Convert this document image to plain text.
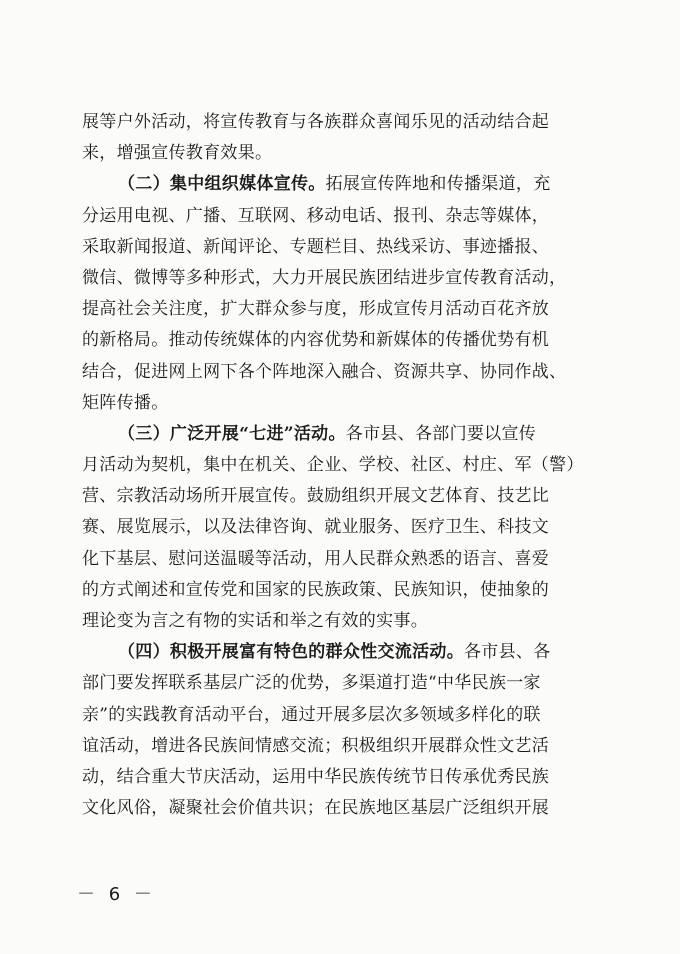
展等户外活动，将宣传教育与各族群众喜闻乐见的活动结合起
来，增强宣传教育效果。
（二）集中组织媒体宣传。拓展宣传阵地和传播渠道，充
分运用电视、广播、互联网、移动电话、报刊、杂志等媒体，
采取新闻报道、新闻评论、专题栏目、热线采访、事迹播报、
微信、微博等多种形式，大力开展民族团结进步宣传教育活动，
提高社会关注度，扩大群众参与度，形成宣传月活动百花齐放
的新格局。推动传统媒体的内容优势和新媒体的传播优势有机
结合，促进网上网下各个阵地深入融合、资源共享、协同作战、
矩阵传播。
（三）广泛开展“七进”活动。各市县、各部门要以宣传
月活动为契机，集中在机关、企业、学校、社区、村庄、军（警）
营、宗教活动场所开展宣传。鼓励组织开展文艺体育、技艺比
赛、展览展示，以及法律咨询、就业服务、医疗卫生、科技文
化下基层、慰问送温暖等活动，用人民群众熟悉的语言、喜爱
的方式阐述和宣传党和国家的民族政策、民族知识，使抽象的
理论变为言之有物的实话和举之有效的实事。
（四）积极开展富有特色的群众性交流活动。各市县、各
部门要发挥联系基层广泛的优势，多渠道打造“中华民族一家
亲”的实践教育活动平台，通过开展多层次多领域多样化的联
谊活动，增进各民族间情感交流；积极组织开展群众性文艺活
动，结合重大节庆活动，运用中华民族传统节日传承优秀民族
文化风俗，凝聚社会价值共识；在民族地区基层广泛组织开展
－ 6 －
